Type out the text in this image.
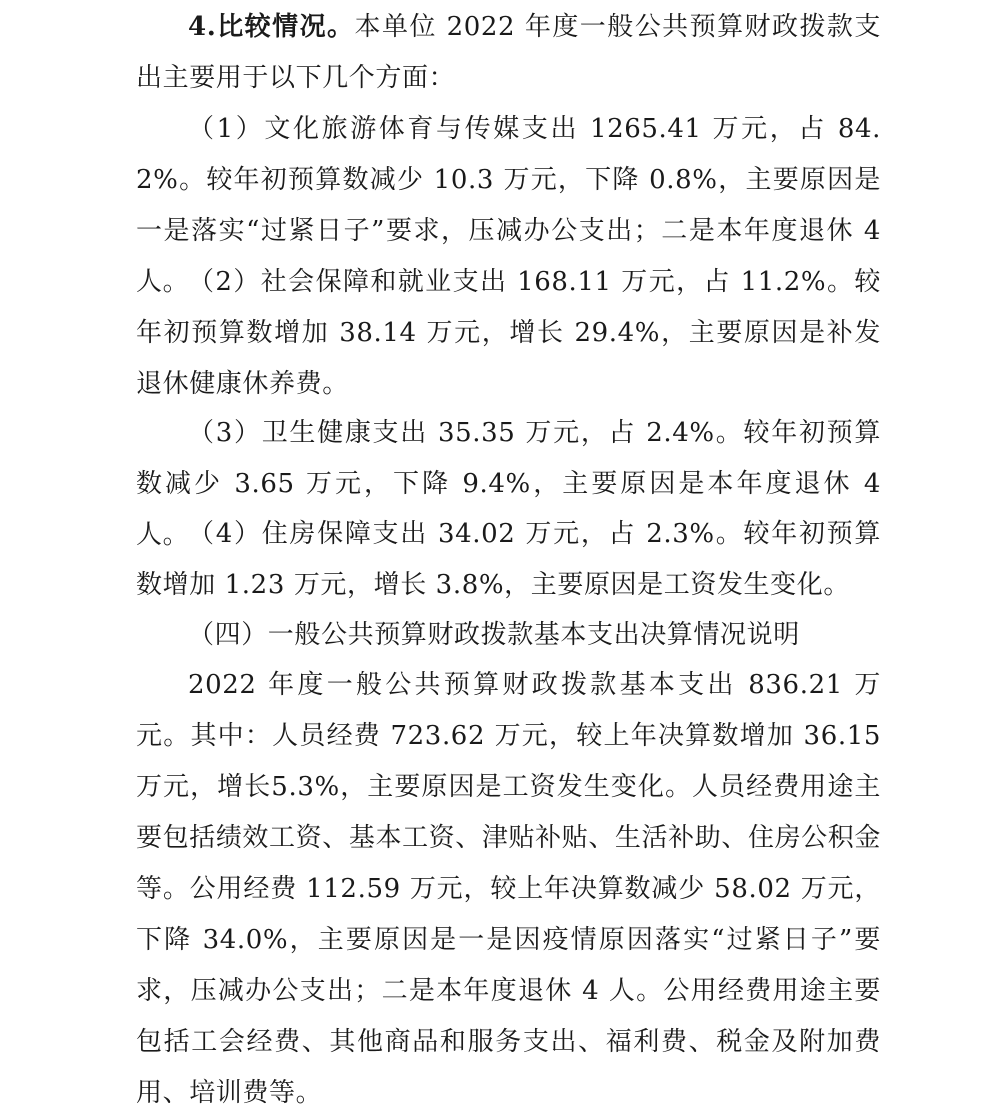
4.比较情况。本单位 2022 年度一般公共预算财政拨款支出主要用于以下几个方面：

（1）文化旅游体育与传媒支出 1265.41 万元，占 84.2%。较年初预算数减少 10.3 万元，下降 0.8%，主要原因是一是落实“过紧日子”要求，压减办公支出；二是本年度退休 4 人。

（2）社会保障和就业支出 168.11 万元，占 11.2%。较年初预算数增加 38.14 万元，增长 29.4%，主要原因是补发退休健康休养费。

（3）卫生健康支出 35.35 万元，占 2.4%。较年初预算数减少 3.65 万元，下降 9.4%，主要原因是本年度退休 4 人。

（4）住房保障支出 34.02 万元，占 2.3%。较年初预算数增加 1.23 万元，增长 3.8%，主要原因是工资发生变化。

（四）一般公共预算财政拨款基本支出决算情况说明

2022 年度一般公共预算财政拨款基本支出 836.21 万元。其中：人员经费 723.62 万元，较上年决算数增加 36.15 万元，增长5.3%，主要原因是工资发生变化。人员经费用途主要包括绩效工资、基本工资、津贴补贴、生活补助、住房公积金等。公用经费 112.59 万元，较上年决算数减少 58.02 万元，下降 34.0%，主要原因是一是因疫情原因落实“过紧日子”要求，压减办公支出；二是本年度退休 4 人。公用经费用途主要包括工会经费、其他商品和服务支出、福利费、税金及附加费用、培训费等。
